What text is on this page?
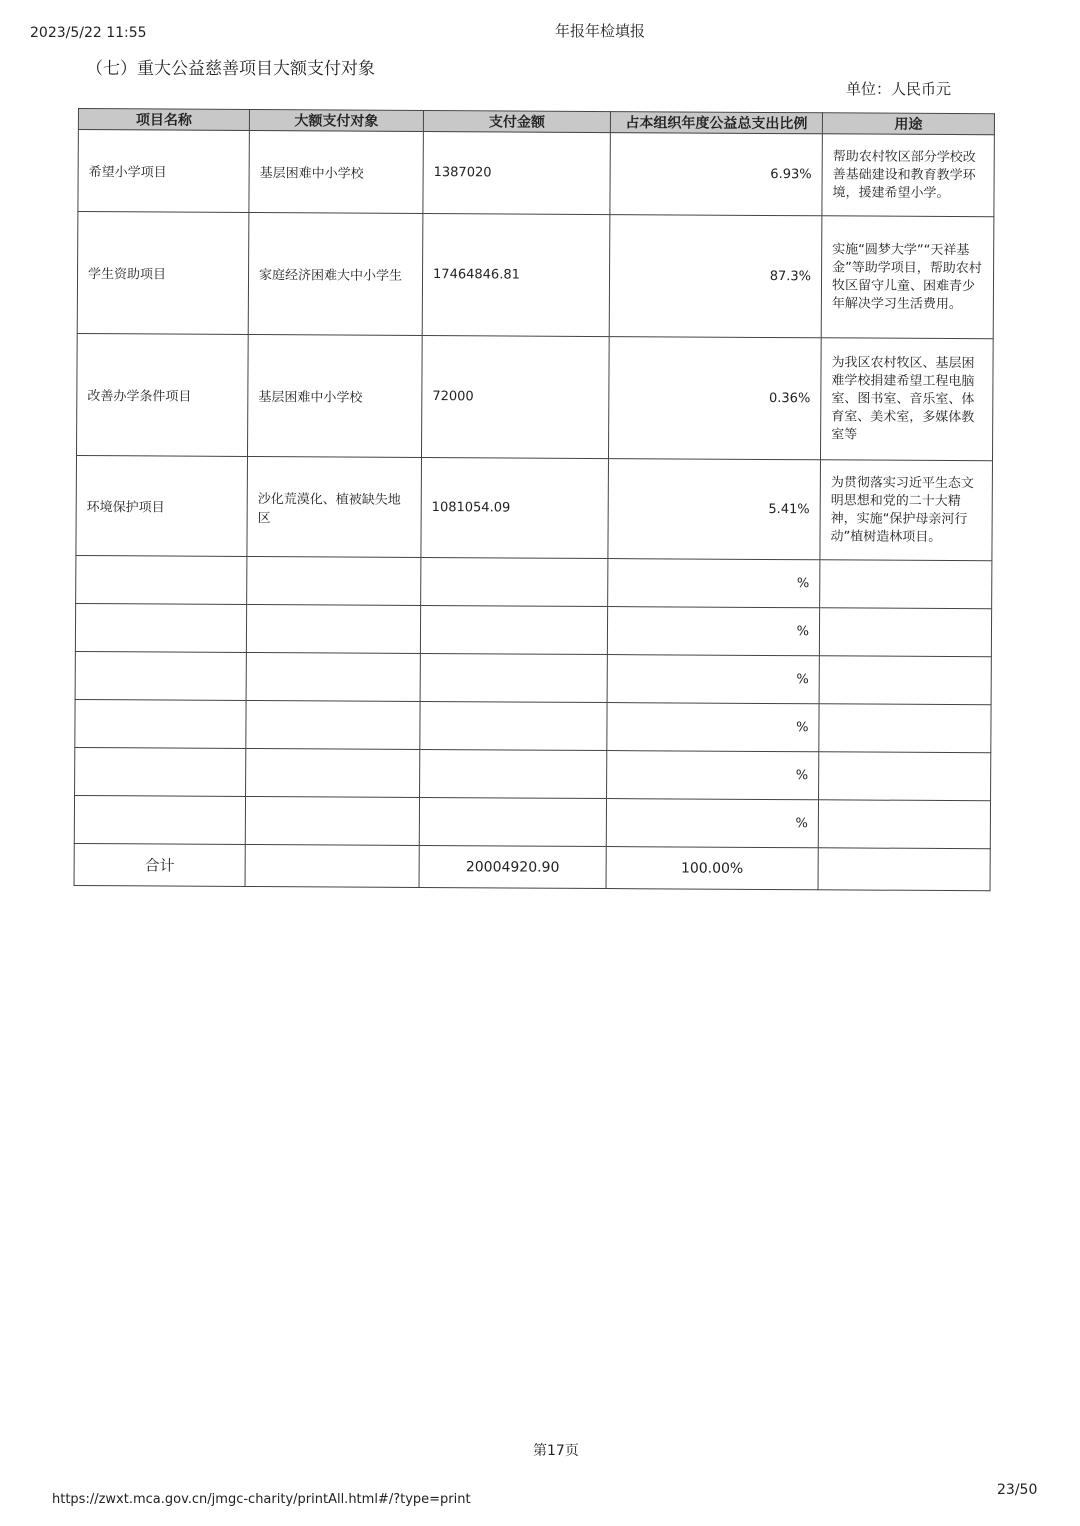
2023/5/22 11:55	年报年检填报
（七）重大公益慈善项目大额支付对象
单位：人民币元
项目名称	大额支付对象	支付金额	占本组织年度公益总支出比例	用途
希望小学项目	基层困难中小学校	1387020	6.93%	帮助农村牧区部分学校改善基础建设和教育教学环境，援建希望小学。
学生资助项目	家庭经济困难大中小学生	17464846.81	87.3%	实施“圆梦大学”“天祥基金”等助学项目，帮助农村牧区留守儿童、困难青少年解决学习生活费用。
改善办学条件项目	基层困难中小学校	72000	0.36%	为我区农村牧区、基层困难学校捐建希望工程电脑室、图书室、音乐室、体育室、美术室，多媒体教室等
环境保护项目	沙化荒漠化、植被缺失地区	1081054.09	5.41%	为贯彻落实习近平生态文明思想和党的二十大精神，实施“保护母亲河行动”植树造林项目。
			%	
			%	
			%	
			%	
			%	
			%	
合计		20004920.90	100.00%	
第17页
https://zwxt.mca.gov.cn/jmgc-charity/printAll.html#/?type=print
23/50
